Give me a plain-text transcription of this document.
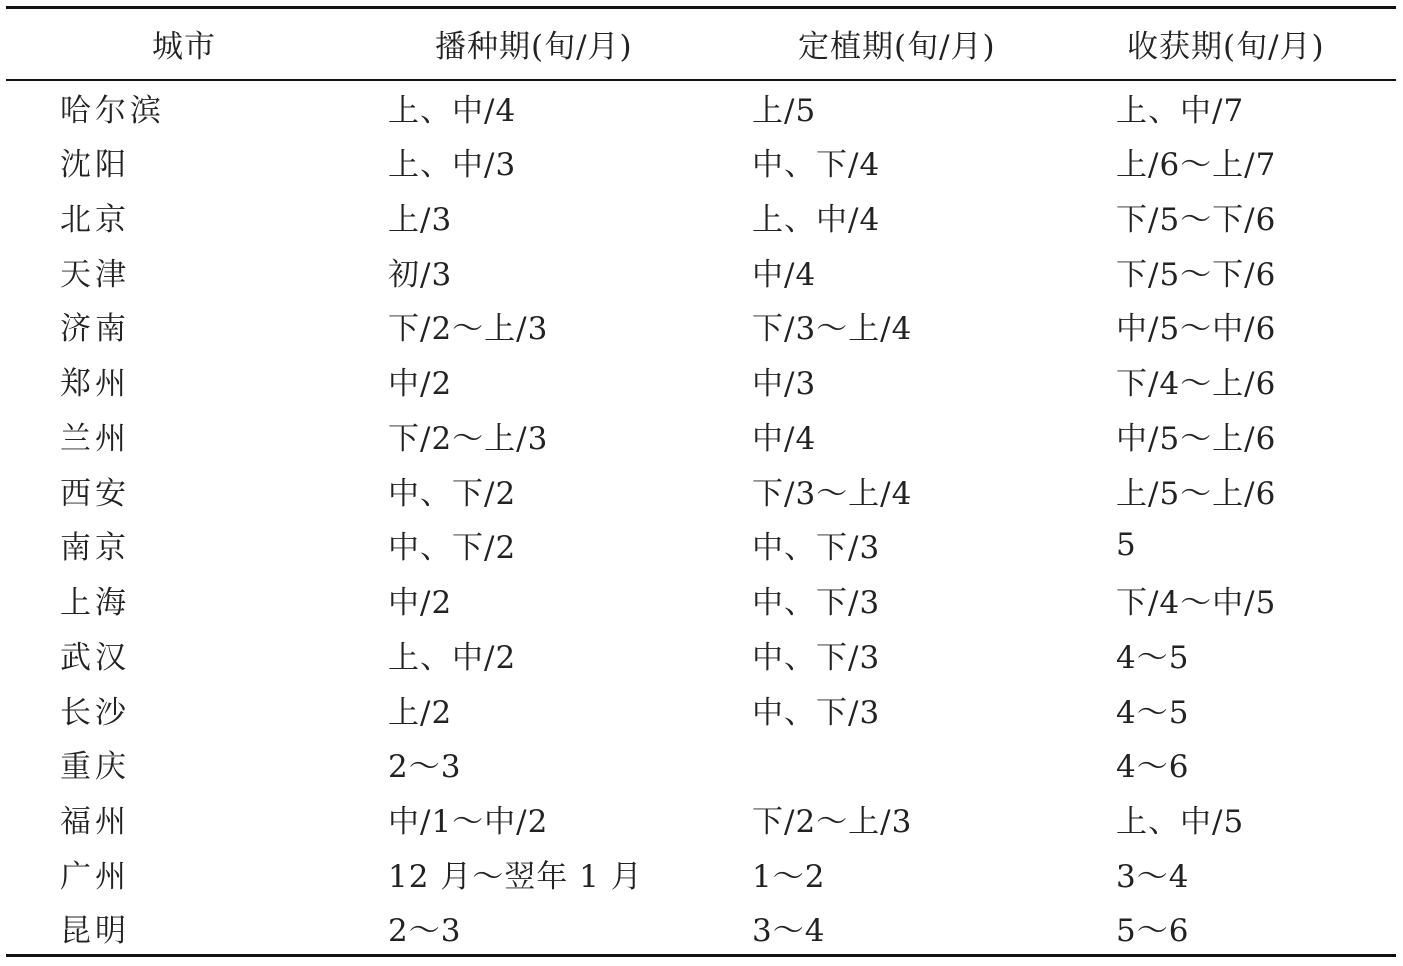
城市	播种期(旬/月)	定植期(旬/月)	收获期(旬/月)
哈尔滨	上、中/4	上/5	上、中/7
沈阳	上、中/3	中、下/4	上/6～上/7
北京	上/3	上、中/4	下/5～下/6
天津	初/3	中/4	下/5～下/6
济南	下/2～上/3	下/3～上/4	中/5～中/6
郑州	中/2	中/3	下/4～上/6
兰州	下/2～上/3	中/4	中/5～上/6
西安	中、下/2	下/3～上/4	上/5～上/6
南京	中、下/2	中、下/3	5
上海	中/2	中、下/3	下/4～中/5
武汉	上、中/2	中、下/3	4～5
长沙	上/2	中、下/3	4～5
重庆	2～3		4～6
福州	中/1～中/2	下/2～上/3	上、中/5
广州	12 月～翌年 1 月	1～2	3～4
昆明	2～3	3～4	5～6
